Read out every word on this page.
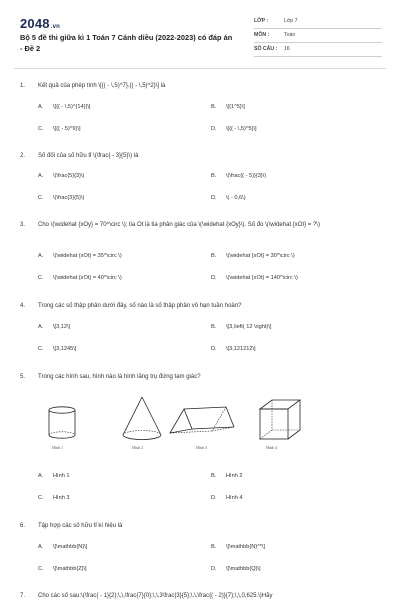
2048.vn
Bộ 5 đề thi giữa kì 1 Toán 7 Cánh diều (2022-2023) có đáp án - Đề 2
LỚP :	Lớp 7
MÔN :	Toán
SỐ CÂU : 16
1. Kết quả của phép tính \[{( - \,5)^7}.{( - \,5)^2}\] là
A. \[{( - \,5)^{14}}\]	B. \[{1^5}\]
C. \[{( - 5)^9}\]	D. \[{( - \,5)^5}\]
2. Số đối của số hữu tỉ \(\frac{ - 3}{5}\) là
A. \(\frac{5}{3}\)	B. \(\frac{( - 5)}{3}\)
C. \(\frac{3}{5}\)	D. \( - 0,6\)
3. Cho \(\widehat {xOy} = 70^\circ \); tia Ot là tia phân giác của \(\widehat {xOy}\). Số đo \(\widehat {xOt} = ?\)
A. \(\widehat {xOt} = 35^\circ \)	B. \(\widehat {xOt} = 30^\circ \)
C. \(\widehat {xOt} = 40^\circ \)	D. \(\widehat {xOt} = 140^\circ \)
4. Trong các số thập phân dưới đây, số nào là số thập phân vô hạn tuần hoàn?
A. \[3,12\]	B. \[3,\left( 12 \right)\]
C. \[3,1245\]	D. \[3,121212\]
5. Trong các hình sau, hình nào là hình lăng trụ đứng tam giác?
Hình 1	Hình 2	Hình 3	Hình 4
A. Hình 1	B. Hình 2
C. Hình 3	D. Hình 4
6. Tập hợp các số hữu tỉ kí hiệu là
A. \[\mathbb{N}\]	B. \[\mathbb{N}^*\]
C. \[\mathbb{Z}\]	D. \[\mathbb{Q}\]
7. Cho các số sau:\(\frac{ - 1}{2};\,\,\frac{7}{0};\,\,3\frac{3}{5};\,\,\frac{( - 2)}{7};\,\,0,625.\)Hãy
